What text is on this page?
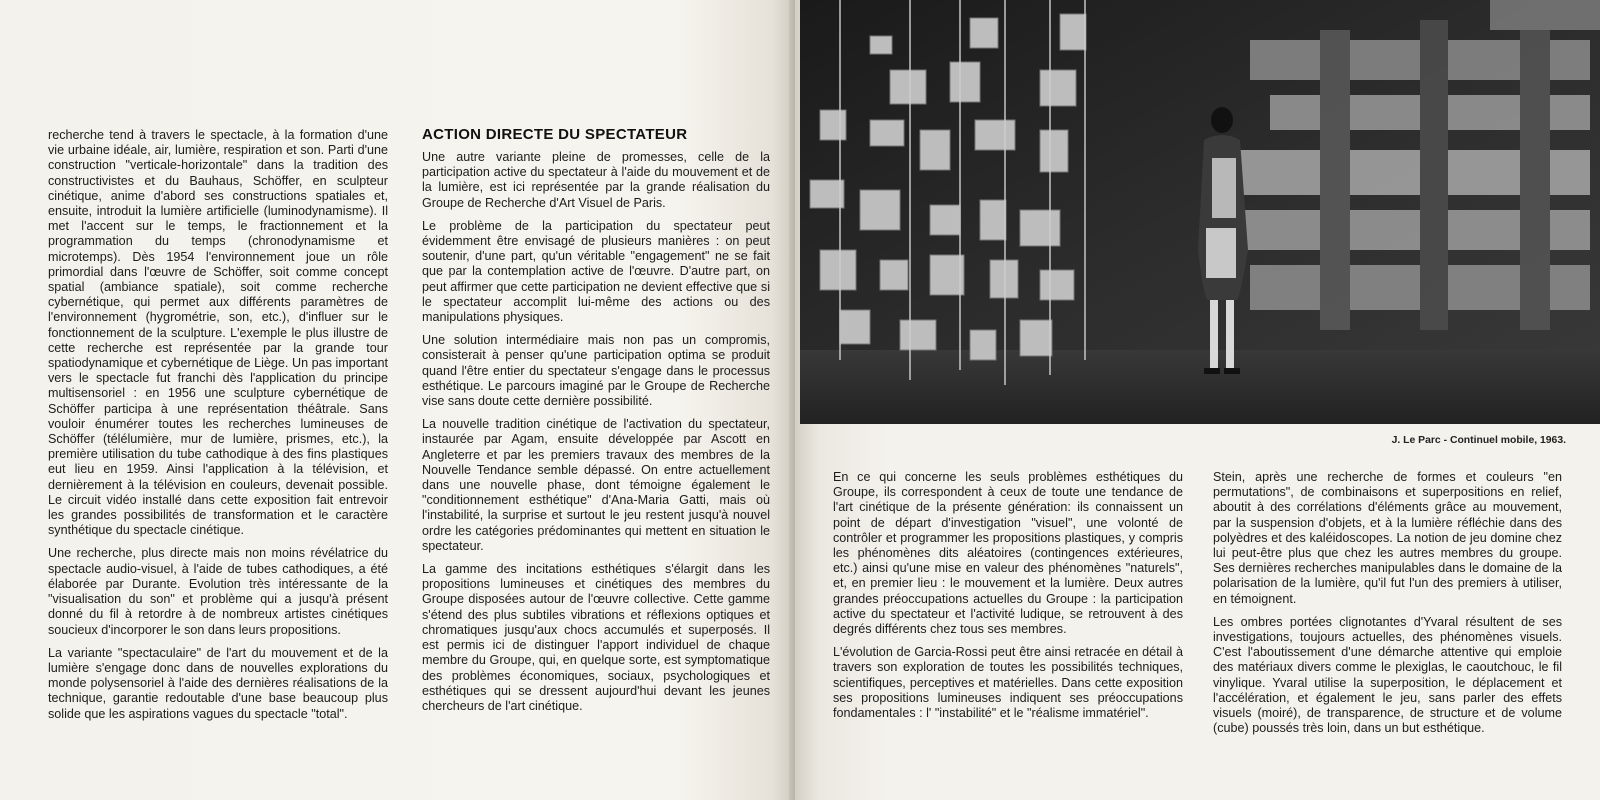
recherche tend à travers le spectacle, à la formation d'une vie urbaine idéale, air, lumière, respiration et son. Parti d'une construction "verticale-horizontale" dans la tradition des constructivistes et du Bauhaus, Schöffer, en sculpteur cinétique, anime d'abord ses constructions spatiales et, ensuite, introduit la lumière artificielle (luminodynamisme). Il met l'accent sur le temps, le fractionnement et la programmation du temps (chronodynamisme et microtemps). Dès 1954 l'environnement joue un rôle primordial dans l'œuvre de Schöffer, soit comme concept spatial (ambiance spatiale), soit comme recherche cybernétique, qui permet aux différents paramètres de l'environnement (hygrométrie, son, etc.), d'influer sur le fonctionnement de la sculpture. L'exemple le plus illustre de cette recherche est représentée par la grande tour spatiodynamique et cybernétique de Liège. Un pas important vers le spectacle fut franchi dès l'application du principe multisensoriel : en 1956 une sculpture cybernétique de Schöffer participa à une représentation théâtrale. Sans vouloir énumérer toutes les recherches lumineuses de Schöffer (télélumière, mur de lumière, prismes, etc.), la première utilisation du tube cathodique à des fins plastiques eut lieu en 1959. Ainsi l'application à la télévision, et dernièrement à la télévision en couleurs, devenait possible. Le circuit vidéo installé dans cette exposition fait entrevoir les grandes possibilités de transformation et le caractère synthétique du spectacle cinétique.

Une recherche, plus directe mais non moins révélatrice du spectacle audio-visuel, à l'aide de tubes cathodiques, a été élaborée par Durante. Evolution très intéressante de la "visualisation du son" et problème qui a jusqu'à présent donné du fil à retordre à de nombreux artistes cinétiques soucieux d'incorporer le son dans leurs propositions.

La variante "spectaculaire" de l'art du mouvement et de la lumière s'engage donc dans de nouvelles explorations du monde polysensoriel à l'aide des dernières réalisations de la technique, garantie redoutable d'une base beaucoup plus solide que les aspirations vagues du spectacle "total".

ACTION DIRECTE DU SPECTATEUR

Une autre variante pleine de promesses, celle de la participation active du spectateur à l'aide du mouvement et de la lumière, est ici représentée par la grande réalisation du Groupe de Recherche d'Art Visuel de Paris.

Le problème de la participation du spectateur peut évidemment être envisagé de plusieurs manières : on peut soutenir, d'une part, qu'un véritable "engagement" ne se fait que par la contemplation active de l'œuvre. D'autre part, on peut affirmer que cette participation ne devient effective que si le spectateur accomplit lui-même des actions ou des manipulations physiques.

Une solution intermédiaire mais non pas un compromis, consisterait à penser qu'une participation optima se produit quand l'être entier du spectateur s'engage dans le processus esthétique. Le parcours imaginé par le Groupe de Recherche vise sans doute cette dernière possibilité.

La nouvelle tradition cinétique de l'activation du spectateur, instaurée par Agam, ensuite développée par Ascott en Angleterre et par les premiers travaux des membres de la Nouvelle Tendance semble dépassé. On entre actuellement dans une nouvelle phase, dont témoigne également le "conditionnement esthétique" d'Ana-Maria Gatti, mais où l'instabilité, la surprise et surtout le jeu restent jusqu'à nouvel ordre les catégories prédominantes qui mettent en situation le spectateur.

La gamme des incitations esthétiques s'élargit dans les propositions lumineuses et cinétiques des membres du Groupe disposées autour de l'œuvre collective. Cette gamme s'étend des plus subtiles vibrations et réflexions optiques et chromatiques jusqu'aux chocs accumulés et superposés. Il est permis ici de distinguer l'apport individuel de chaque membre du Groupe, qui, en quelque sorte, est symptomatique des problèmes économiques, sociaux, psychologiques et esthétiques qui se dressent aujourd'hui devant les jeunes chercheurs de l'art cinétique.

J. Le Parc - Continuel mobile, 1963.

En ce qui concerne les seuls problèmes esthétiques du Groupe, ils correspondent à ceux de toute une tendance de l'art cinétique de la présente génération: ils connaissent un point de départ d'investigation "visuel", une volonté de contrôler et programmer les propositions plastiques, y compris les phénomènes dits aléatoires (contingences extérieures, etc.) ainsi qu'une mise en valeur des phénomènes "naturels", et, en premier lieu : le mouvement et la lumière. Deux autres grandes préoccupations actuelles du Groupe : la participation active du spectateur et l'activité ludique, se retrouvent à des degrés différents chez tous ses membres.

L'évolution de Garcia-Rossi peut être ainsi retracée en détail à travers son exploration de toutes les possibilités techniques, scientifiques, perceptives et matérielles. Dans cette exposition ses propositions lumineuses indiquent ses préoccupations fondamentales : l' "instabilité" et le "réalisme immatériel".

Stein, après une recherche de formes et couleurs "en permutations", de combinaisons et superpositions en relief, aboutit à des corrélations d'éléments grâce au mouvement, par la suspension d'objets, et à la lumière réfléchie dans des polyèdres et des kaléidoscopes. La notion de jeu domine chez lui peut-être plus que chez les autres membres du groupe. Ses dernières recherches manipulables dans le domaine de la polarisation de la lumière, qu'il fut l'un des premiers à utiliser, en témoignent.

Les ombres portées clignotantes d'Yvaral résultent de ses investigations, toujours actuelles, des phénomènes visuels. C'est l'aboutissement d'une démarche attentive qui emploie des matériaux divers comme le plexiglas, le caoutchouc, le fil vinylique. Yvaral utilise la superposition, le déplacement et l'accélération, et également le jeu, sans parler des effets visuels (moiré), de transparence, de structure et de volume (cube) poussés très loin, dans un but esthétique.
